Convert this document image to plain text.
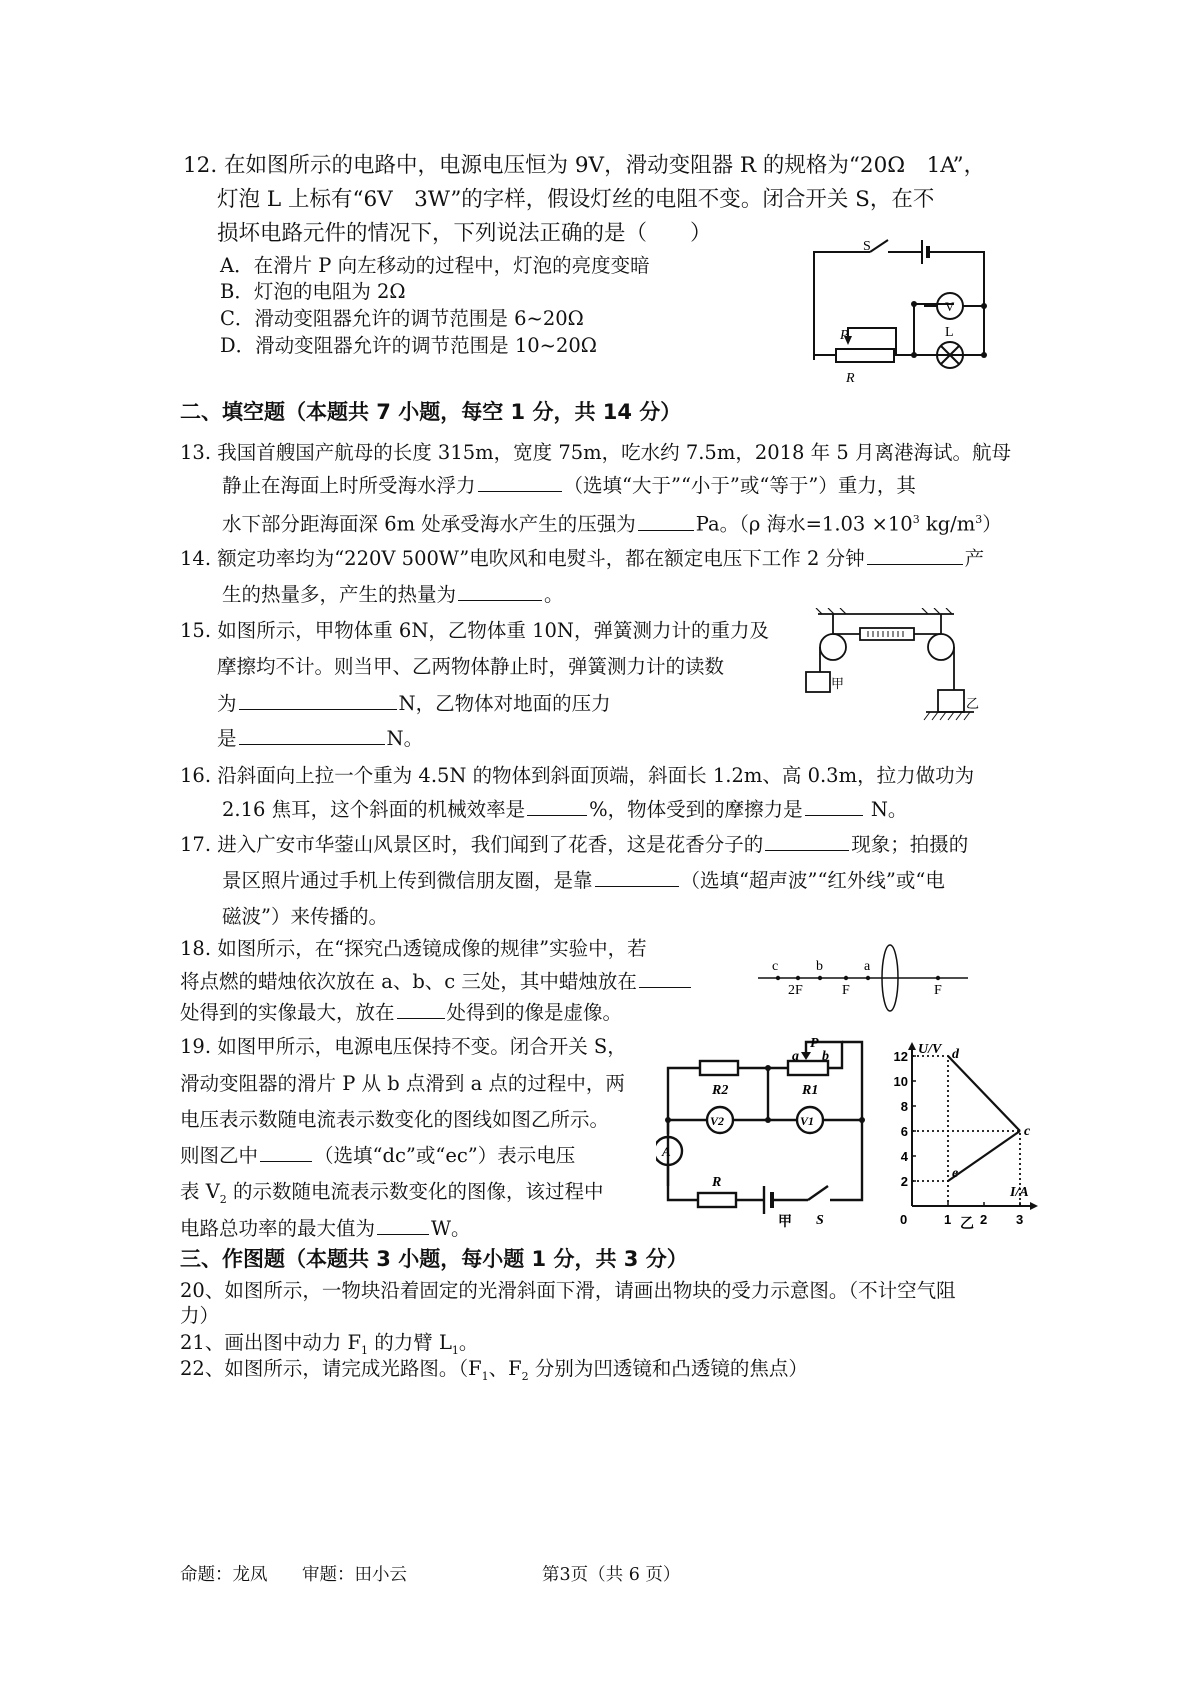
12. 在如图所示的电路中，电源电压恒为 9V，滑动变阻器 R 的规格为“20Ω　1A”，
灯泡 L 上标有“6V　3W”的字样，假设灯丝的电阻不变。闭合开关 S，在不
损坏电路元件的情况下，下列说法正确的是（　　）
A．在滑片 P 向左移动的过程中，灯泡的亮度变暗
B．灯泡的电阻为 2Ω
C．滑动变阻器允许的调节范围是 6~20Ω
D．滑动变阻器允许的调节范围是 10~20Ω
S
V
L
P
R
二、填空题（本题共 7 小题，每空 1 分，共 14 分）
13. 我国首艘国产航母的长度 315m，宽度 75m，吃水约 7.5m，2018 年 5 月离港海试。航母
静止在海面上时所受海水浮力	（选填“大于”“小于”或“等于”）重力，其
水下部分距海面深 6m 处承受海水产生的压强为	Pa。（ρ 海水$=1.03 \times 10^3$ $kg/m^3$）
14. 额定功率均为“220V 500W”电吹风和电熨斗，都在额定电压下工作 2 分钟	产
生的热量多，产生的热量为	。
15. 如图所示，甲物体重 6N，乙物体重 10N，弹簧测力计的重力及
摩擦均不计。则当甲、乙两物体静止时，弹簧测力计的读数
为	N，乙物体对地面的压力
是	N。
甲
乙
16. 沿斜面向上拉一个重为 4.5N 的物体到斜面顶端，斜面长 1.2m、高 0.3m，拉力做功为
2.16 焦耳，这个斜面的机械效率是	%，物体受到的摩擦力是	N。
17. 进入广安市华蓥山风景区时，我们闻到了花香，这是花香分子的	现象；拍摄的
景区照片通过手机上传到微信朋友圈，是靠	（选填“超声波”“红外线”或“电
磁波”）来传播的。
18. 如图所示，在“探究凸透镜成像的规律”实验中，若
将点燃的蜡烛依次放在 a、b、c 三处，其中蜡烛放在
处得到的实像最大，放在	处得到的像是虚像。
c	b	a
2F	F	F
19. 如图甲所示，电源电压保持不变。闭合开关 S，
滑动变阻器的滑片 P 从 b 点滑到 a 点的过程中，两
电压表示数随电流表示数变化的图线如图乙所示。
则图乙中	（选填“dc”或“ec”）表示电压
表 $V_2$ 的示数随电流表示数变化的图像，该过程中
电路总功率的最大值为	W。
P
a b
R2	R1
V2	V1
A
R
S
甲
12
10
8
6
4
2
0	1 2 3
d
c
e
U/V
I/A
乙
三、作图题（本题共 3 小题，每小题 1 分，共 3 分）
20、如图所示，一物块沿着固定的光滑斜面下滑，请画出物块的受力示意图。（不计空气阻
力）
21、画出图中动力 $F_1$ 的力臂 $L_1$。
22、如图所示，请完成光路图。（$F_1$、$F_2$ 分别为凹透镜和凸透镜的焦点）
命题：龙凤 审题：田小云	第3页（共 6 页）
